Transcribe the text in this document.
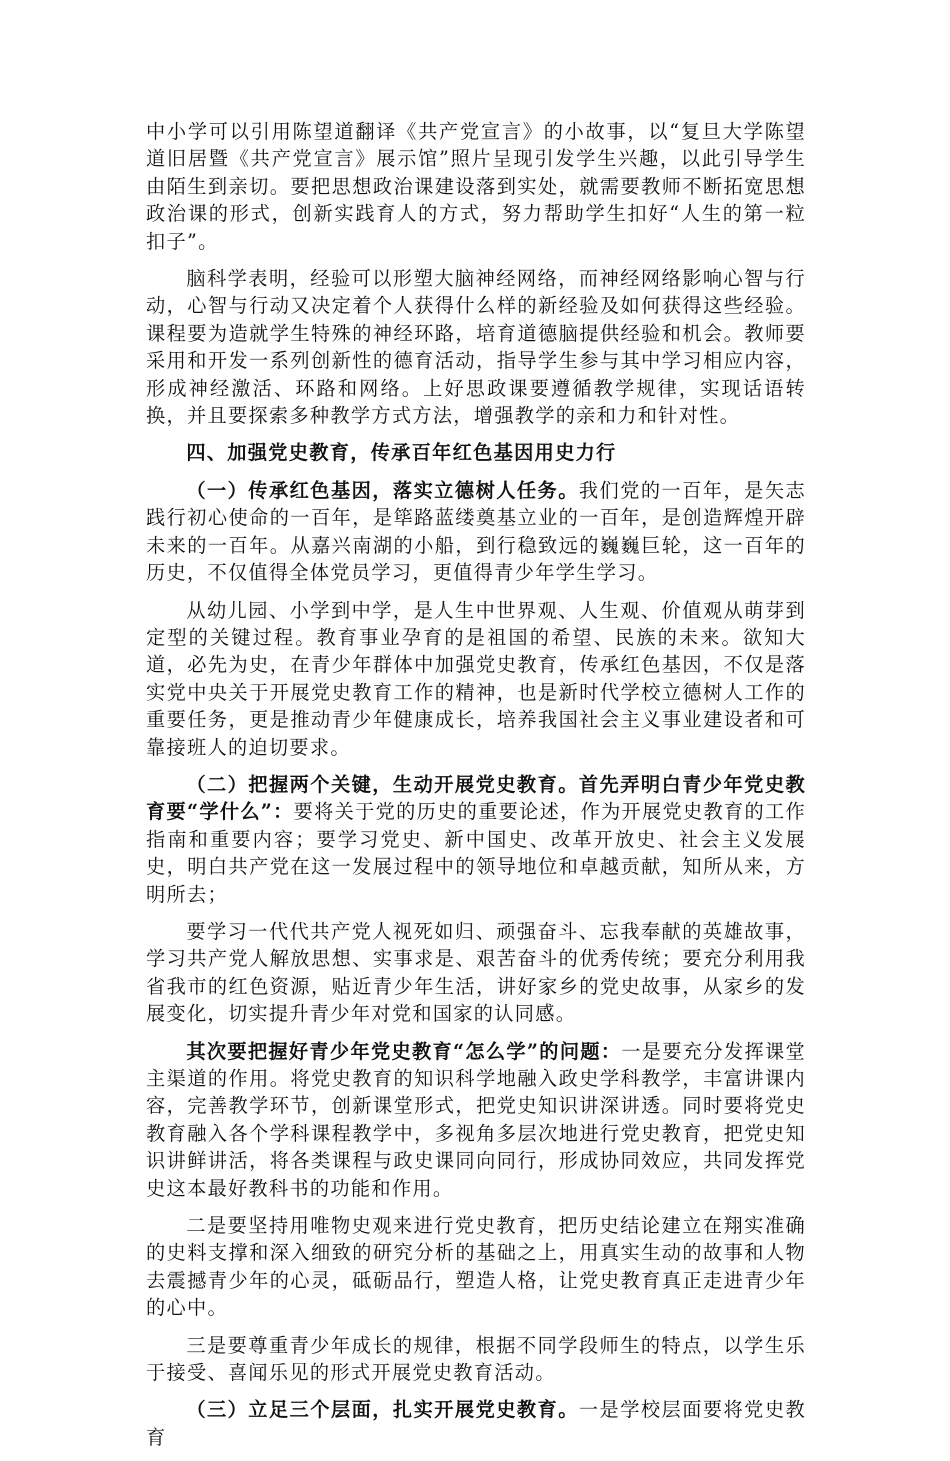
中小学可以引用陈望道翻译《共产党宣言》的小故事，以“复旦大学陈望道旧居暨《共产党宣言》展示馆”照片呈现引发学生兴趣，以此引导学生由陌生到亲切。要把思想政治课建设落到实处，就需要教师不断拓宽思想政治课的形式，创新实践育人的方式，努力帮助学生扣好“人生的第一粒扣子”。

脑科学表明，经验可以形塑大脑神经网络，而神经网络影响心智与行动，心智与行动又决定着个人获得什么样的新经验及如何获得这些经验。课程要为造就学生特殊的神经环路，培育道德脑提供经验和机会。教师要采用和开发一系列创新性的德育活动，指导学生参与其中学习相应内容，形成神经激活、环路和网络。上好思政课要遵循教学规律，实现话语转换，并且要探索多种教学方式方法，增强教学的亲和力和针对性。

四、加强党史教育，传承百年红色基因用史力行

（一）传承红色基因，落实立德树人任务。我们党的一百年，是矢志践行初心使命的一百年，是筚路蓝缕奠基立业的一百年，是创造辉煌开辟未来的一百年。从嘉兴南湖的小船，到行稳致远的巍巍巨轮，这一百年的历史，不仅值得全体党员学习，更值得青少年学生学习。

从幼儿园、小学到中学，是人生中世界观、人生观、价值观从萌芽到定型的关键过程。教育事业孕育的是祖国的希望、民族的未来。欲知大道，必先为史，在青少年群体中加强党史教育，传承红色基因，不仅是落实党中央关于开展党史教育工作的精神，也是新时代学校立德树人工作的重要任务，更是推动青少年健康成长，培养我国社会主义事业建设者和可靠接班人的迫切要求。

（二）把握两个关键，生动开展党史教育。首先弄明白青少年党史教育要“学什么”：要将关于党的历史的重要论述，作为开展党史教育的工作指南和重要内容；要学习党史、新中国史、改革开放史、社会主义发展史，明白共产党在这一发展过程中的领导地位和卓越贡献，知所从来，方明所去；

要学习一代代共产党人视死如归、顽强奋斗、忘我奉献的英雄故事，学习共产党人解放思想、实事求是、艰苦奋斗的优秀传统；要充分利用我省我市的红色资源，贴近青少年生活，讲好家乡的党史故事，从家乡的发展变化，切实提升青少年对党和国家的认同感。

其次要把握好青少年党史教育“怎么学”的问题：一是要充分发挥课堂主渠道的作用。将党史教育的知识科学地融入政史学科教学，丰富讲课内容，完善教学环节，创新课堂形式，把党史知识讲深讲透。同时要将党史教育融入各个学科课程教学中，多视角多层次地进行党史教育，把党史知识讲鲜讲活，将各类课程与政史课同向同行，形成协同效应，共同发挥党史这本最好教科书的功能和作用。

二是要坚持用唯物史观来进行党史教育，把历史结论建立在翔实准确的史料支撑和深入细致的研究分析的基础之上，用真实生动的故事和人物去震撼青少年的心灵，砥砺品行，塑造人格，让党史教育真正走进青少年的心中。

三是要尊重青少年成长的规律，根据不同学段师生的特点，以学生乐于接受、喜闻乐见的形式开展党史教育活动。

（三）立足三个层面，扎实开展党史教育。一是学校层面要将党史教育
